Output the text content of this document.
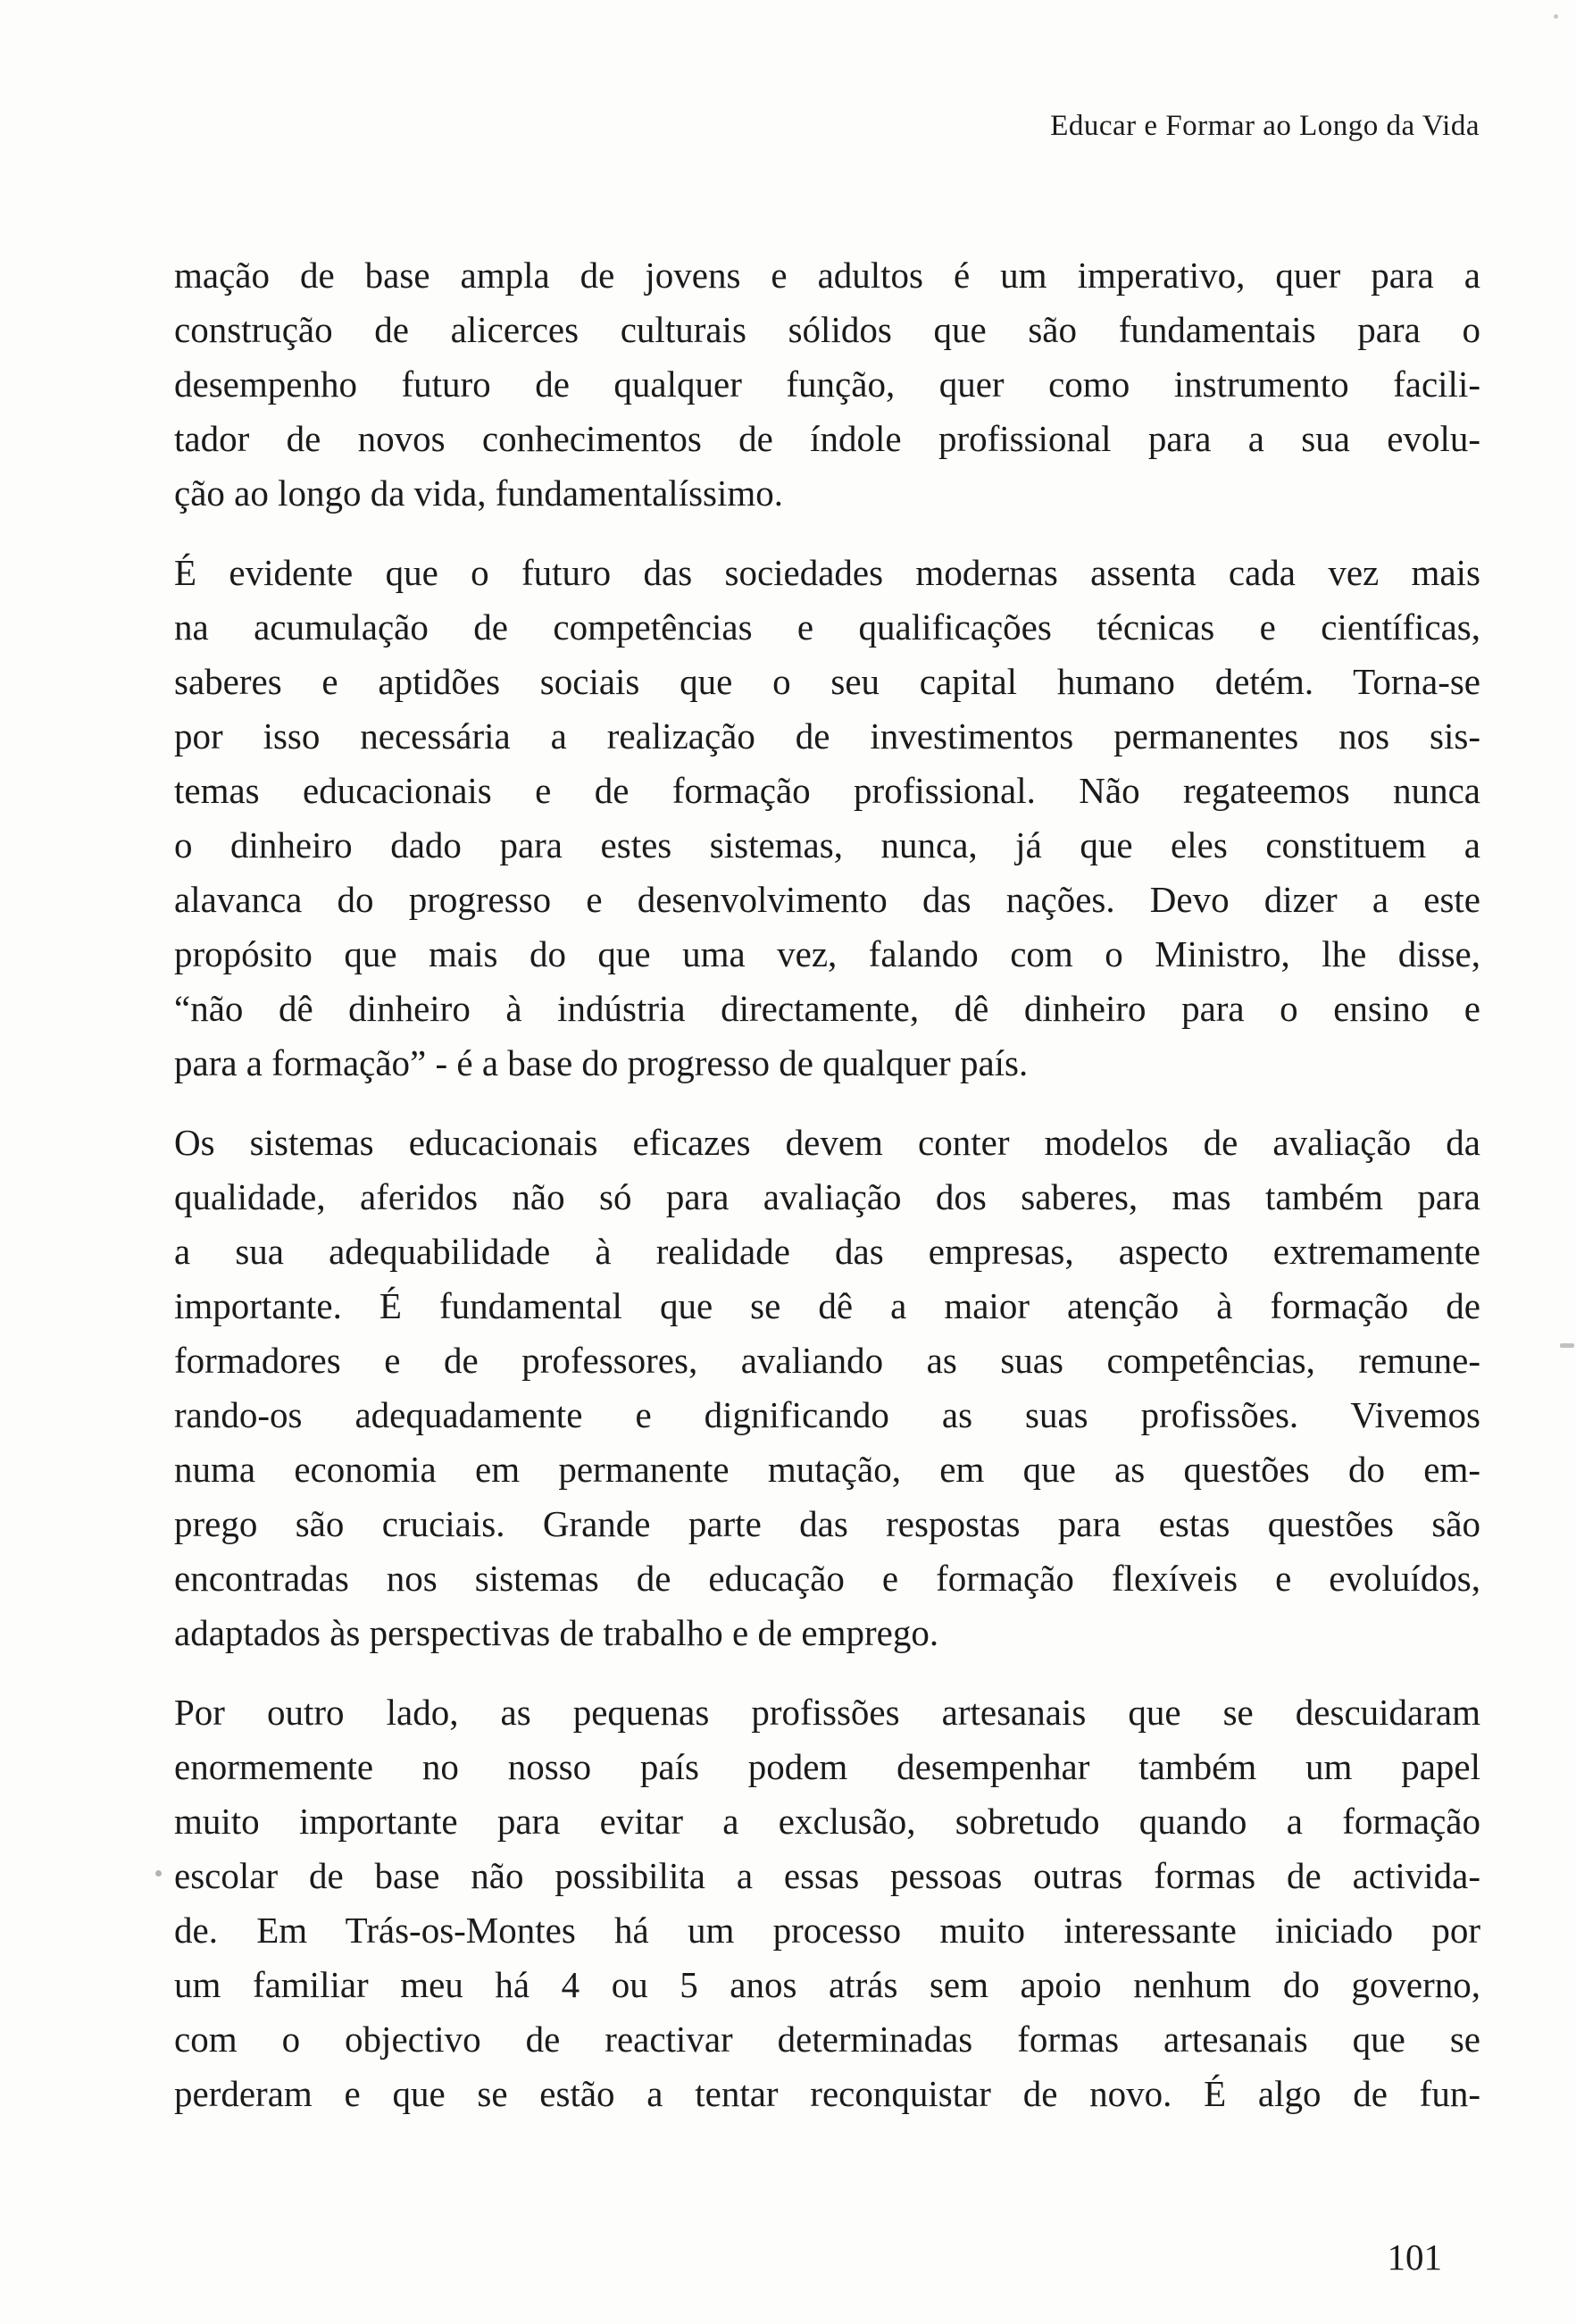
Educar e Formar ao Longo da Vida
mação de base ampla de jovens e adultos é um imperativo, quer para a
construção de alicerces culturais sólidos que são fundamentais para o
desempenho futuro de qualquer função, quer como instrumento facili-
tador de novos conhecimentos de índole profissional para a sua evolu-
ção ao longo da vida, fundamentalíssimo.
É evidente que o futuro das sociedades modernas assenta cada vez mais
na acumulação de competências e qualificações técnicas e científicas,
saberes e aptidões sociais que o seu capital humano detém. Torna-se
por isso necessária a realização de investimentos permanentes nos sis-
temas educacionais e de formação profissional. Não regateemos nunca
o dinheiro dado para estes sistemas, nunca, já que eles constituem a
alavanca do progresso e desenvolvimento das nações. Devo dizer a este
propósito que mais do que uma vez, falando com o Ministro, lhe disse,
“não dê dinheiro à indústria directamente, dê dinheiro para o ensino e
para a formação” - é a base do progresso de qualquer país.
Os sistemas educacionais eficazes devem conter modelos de avaliação da
qualidade, aferidos não só para avaliação dos saberes, mas também para
a sua adequabilidade à realidade das empresas, aspecto extremamente
importante. É fundamental que se dê a maior atenção à formação de
formadores e de professores, avaliando as suas competências, remune-
rando-os adequadamente e dignificando as suas profissões. Vivemos
numa economia em permanente mutação, em que as questões do em-
prego são cruciais. Grande parte das respostas para estas questões são
encontradas nos sistemas de educação e formação flexíveis e evoluídos,
adaptados às perspectivas de trabalho e de emprego.
Por outro lado, as pequenas profissões artesanais que se descuidaram
enormemente no nosso país podem desempenhar também um papel
muito importante para evitar a exclusão, sobretudo quando a formação
escolar de base não possibilita a essas pessoas outras formas de activida-
de. Em Trás-os-Montes há um processo muito interessante iniciado por
um familiar meu há 4 ou 5 anos atrás sem apoio nenhum do governo,
com o objectivo de reactivar determinadas formas artesanais que se
perderam e que se estão a tentar reconquistar de novo. É algo de fun-
101
